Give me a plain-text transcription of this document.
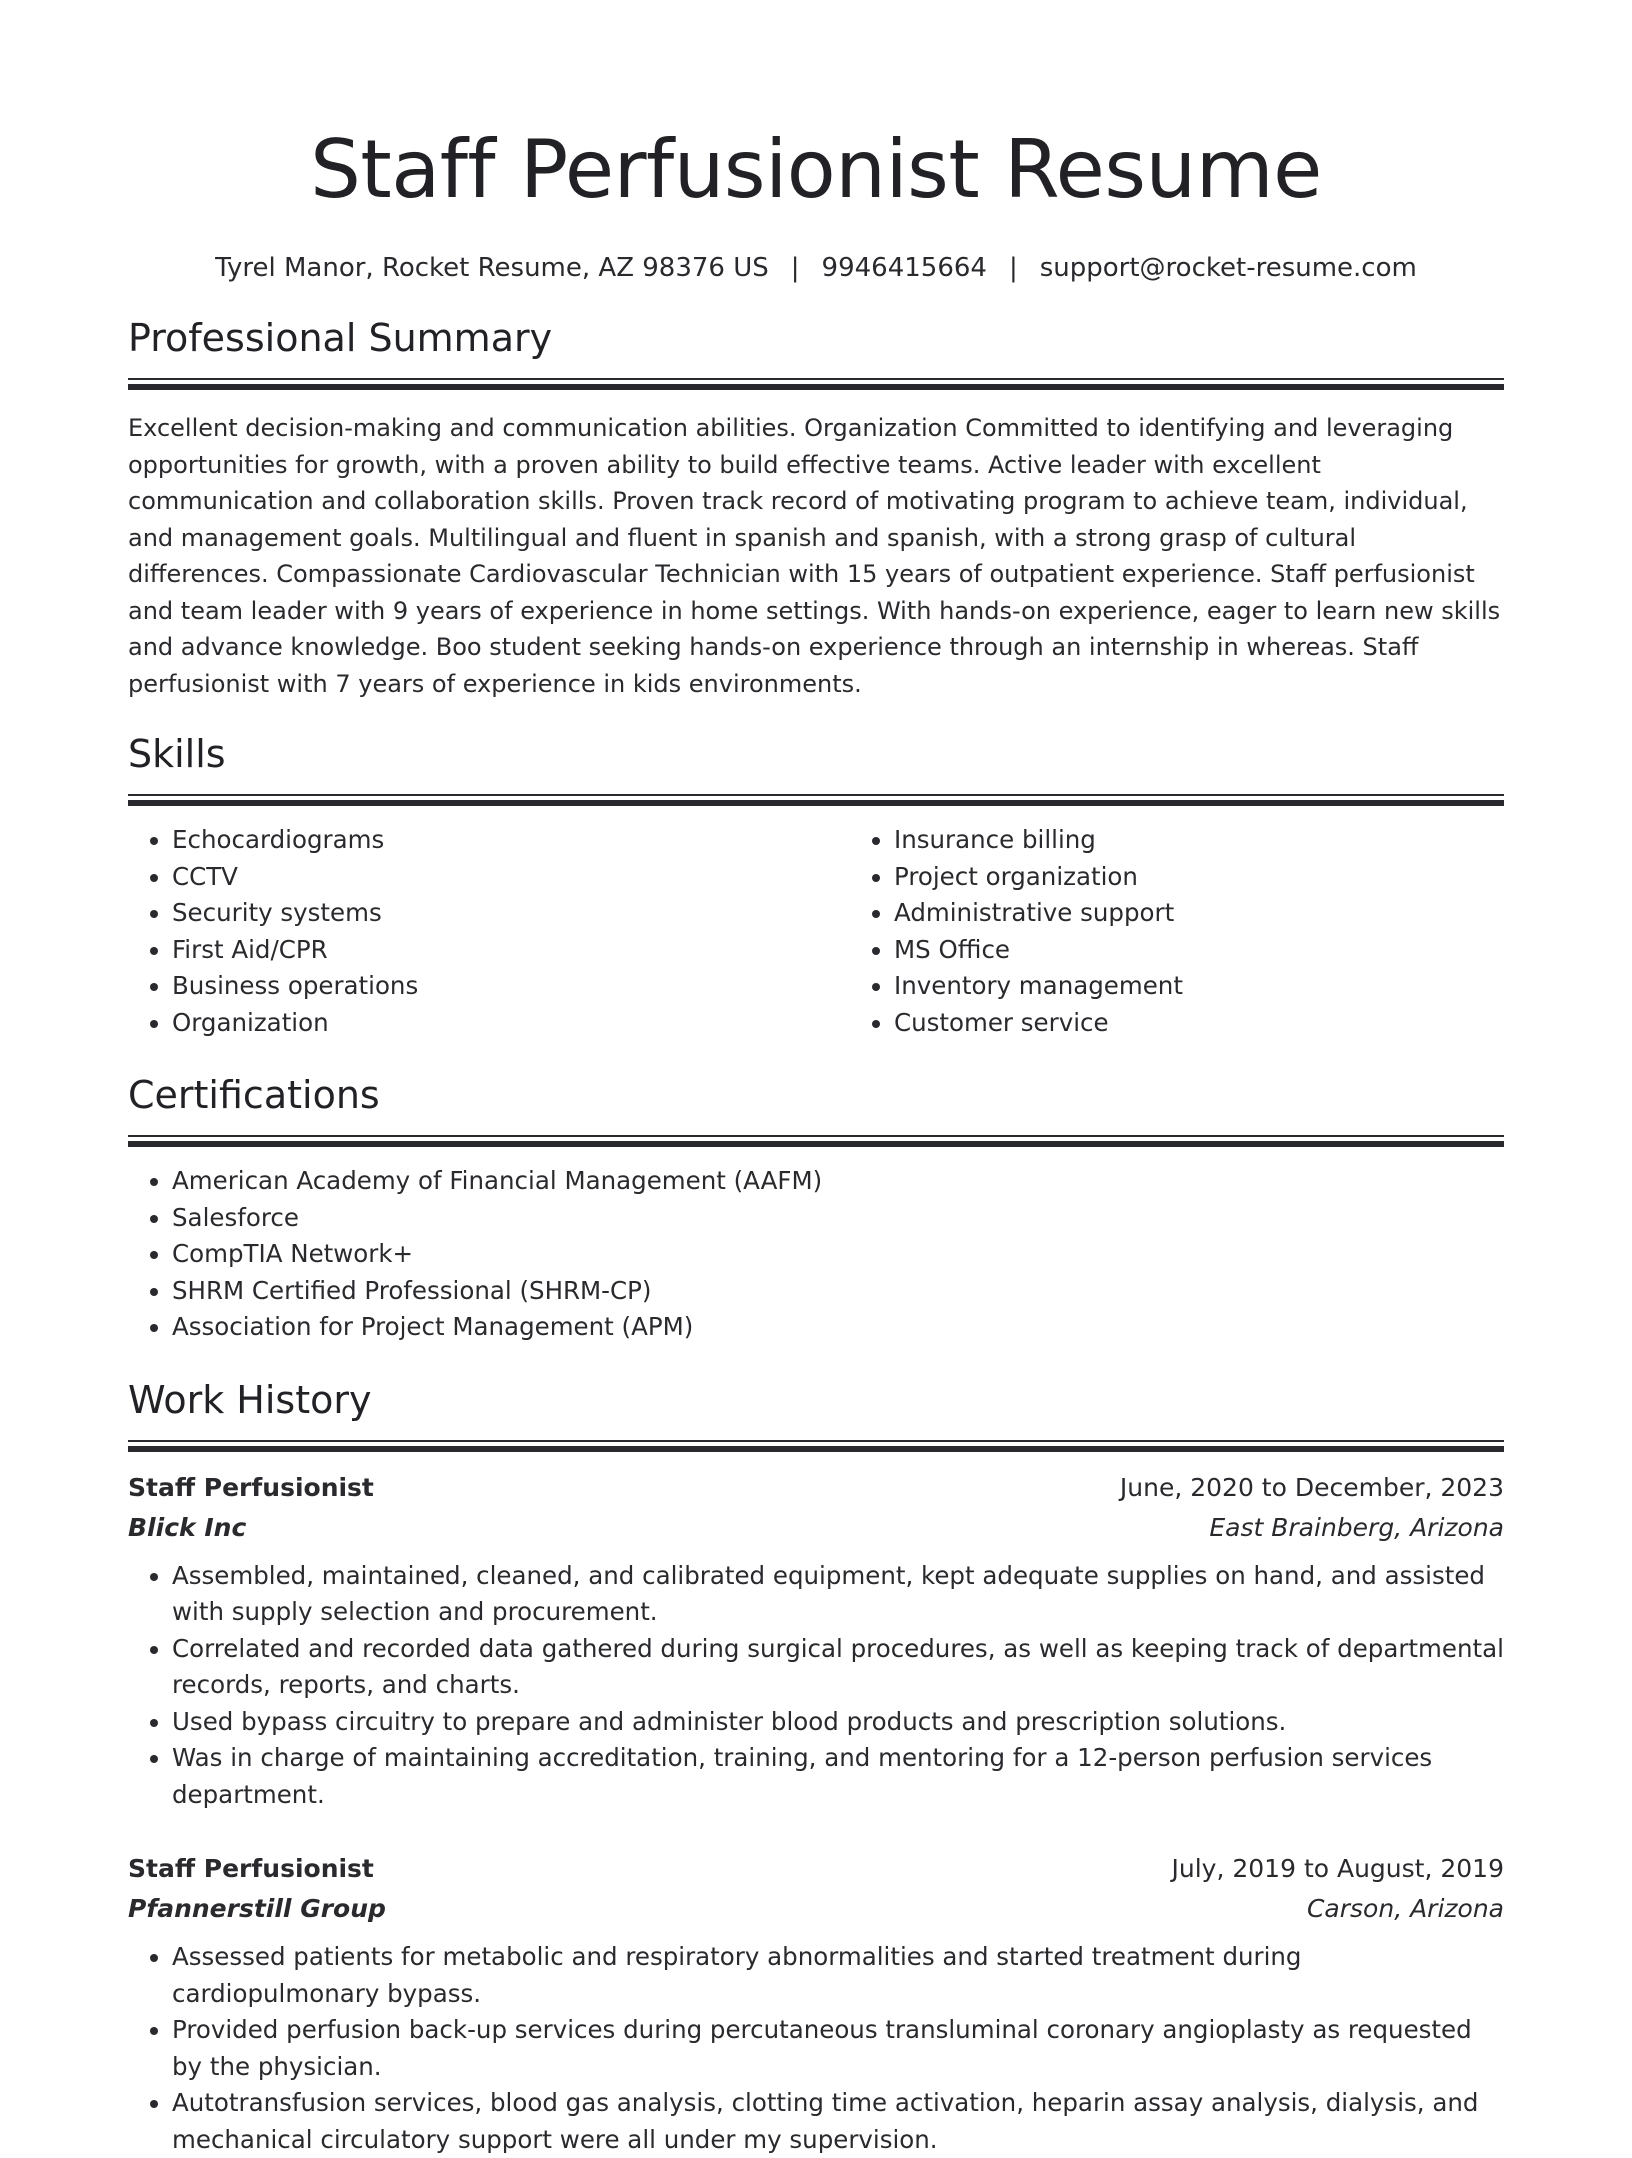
Staff Perfusionist Resume
Tyrel Manor, Rocket Resume, AZ 98376 US | 9946415664 | support@rocket-resume.com
Professional Summary

Excellent decision-making and communication abilities. Organization Committed to identifying and leveraging opportunities for growth, with a proven ability to build effective teams. Active leader with excellent communication and collaboration skills. Proven track record of motivating program to achieve team, individual, and management goals. Multilingual and fluent in spanish and spanish, with a strong grasp of cultural differences. Compassionate Cardiovascular Technician with 15 years of outpatient experience. Staff perfusionist and team leader with 9 years of experience in home settings. With hands-on experience, eager to learn new skills and advance knowledge. Boo student seeking hands-on experience through an internship in whereas. Staff perfusionist with 7 years of experience in kids environments.

Skills
• Echocardiograms
• CCTV
• Security systems
• First Aid/CPR
• Business operations
• Organization
• Insurance billing
• Project organization
• Administrative support
• MS Office
• Inventory management
• Customer service
Certifications
• American Academy of Financial Management (AAFM)
• Salesforce
• CompTIA Network+
• SHRM Certified Professional (SHRM-CP)
• Association for Project Management (APM)
Work History
Staff Perfusionist	June, 2020 to December, 2023
Blick Inc	East Brainberg, Arizona
• Assembled, maintained, cleaned, and calibrated equipment, kept adequate supplies on hand, and assisted with supply selection and procurement.
• Correlated and recorded data gathered during surgical procedures, as well as keeping track of departmental records, reports, and charts.
• Used bypass circuitry to prepare and administer blood products and prescription solutions.
• Was in charge of maintaining accreditation, training, and mentoring for a 12-person perfusion services department.
Staff Perfusionist	July, 2019 to August, 2019
Pfannerstill Group	Carson, Arizona
• Assessed patients for metabolic and respiratory abnormalities and started treatment during cardiopulmonary bypass.
• Provided perfusion back-up services during percutaneous transluminal coronary angioplasty as requested by the physician.
• Autotransfusion services, blood gas analysis, clotting time activation, heparin assay analysis, dialysis, and mechanical circulatory support were all under my supervision.
